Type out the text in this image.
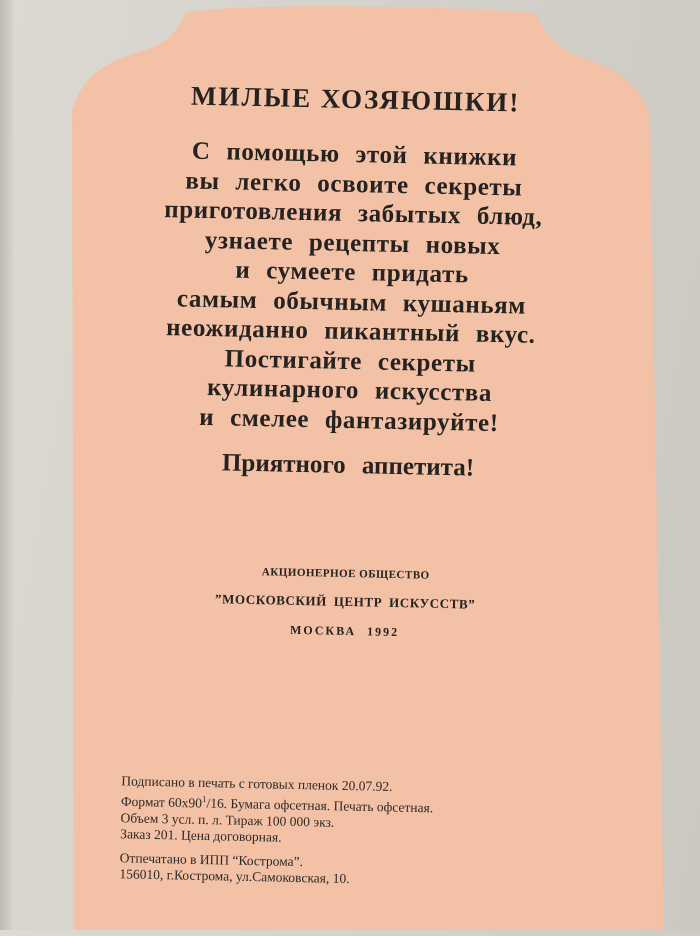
МИЛЫЕ ХОЗЯЮШКИ!
С помощью этой книжки
вы легко освоите секреты
приготовления забытых блюд,
узнаете рецепты новых
и сумеете придать
самым обычным кушаньям
неожиданно пикантный вкус.
Постигайте секреты
кулинарного искусства
и смелее фантазируйте!
Приятного аппетита!
АКЦИОНЕРНОЕ ОБЩЕСТВО
”МОСКОВСКИЙ ЦЕНТР ИСКУССТВ”
МОСКВА 1992
Подписано в печать с готовых пленок 20.07.92.
Формат $60х90^1/16$. Бумага офсетная. Печать офсетная.
Объем 3 усл. п. л. Тираж 100 000 экз.
Заказ 201. Цена договорная.
Отпечатано в ИПП “Кострома”.
156010, г.Кострома, ул.Самоковская, 10.
